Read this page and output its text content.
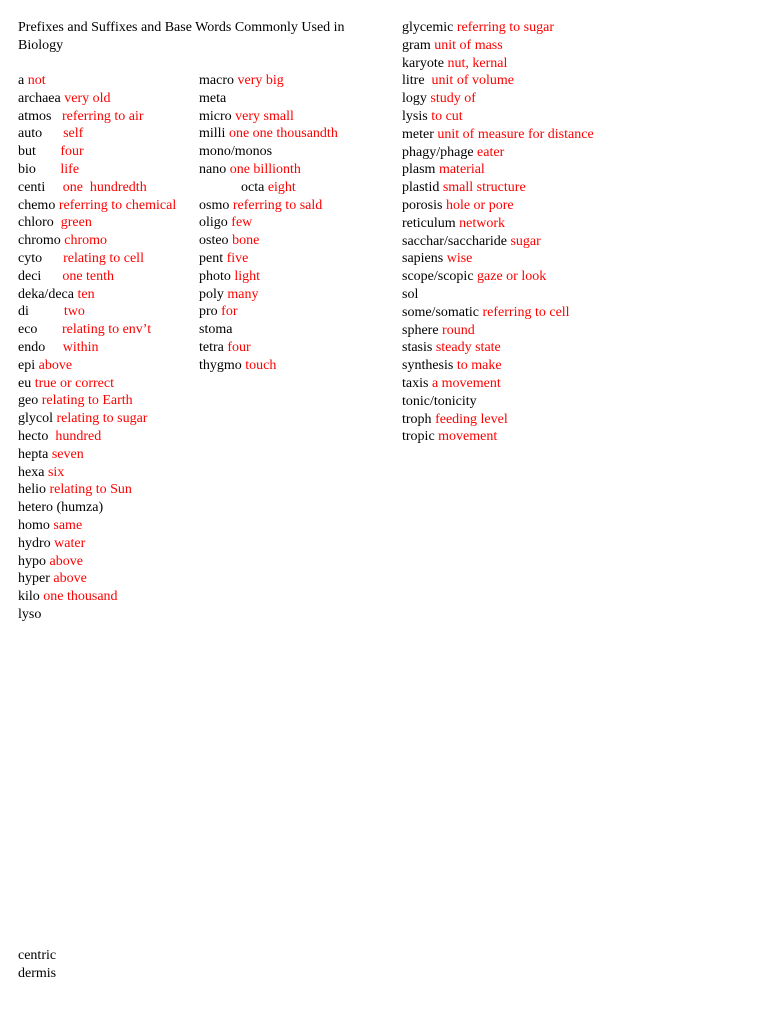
Prefixes and Suffixes and Base Words Commonly Used in Biology
a not
archaea very old
atmos   referring to air
auto      self
but       four
bio       life
centi     one  hundredth
chemo referring to chemical
chloro  green
chromo chromo
cyto      relating to cell
deci      one tenth
deka/deca ten
di          two
eco       relating to env’t
endo     within
epi above
eu true or correct
geo relating to Earth
glycol relating to sugar
hecto  hundred
hepta seven
hexa six
helio relating to Sun
hetero (humza)
homo same
hydro water
hypo above
hyper above
kilo one thousand
lyso
macro very big
meta
micro very small
milli one one thousandth
mono/monos
nano one billionth
octa eight
osmo referring to sald
oligo few
osteo bone
pent five
photo light
poly many
pro for
stoma
tetra four
thygmo touch
glycemic referring to sugar
gram unit of mass
karyote nut, kernal
litre  unit of volume
logy study of
lysis to cut
meter unit of measure for distance
phagy/phage eater
plasm material
plastid small structure
porosis hole or pore
reticulum network
sacchar/saccharide sugar
sapiens wise
scope/scopic gaze or look
sol
some/somatic referring to cell
sphere round
stasis steady state
synthesis to make
taxis a movement
tonic/tonicity
troph feeding level
tropic movement
centric
dermis
